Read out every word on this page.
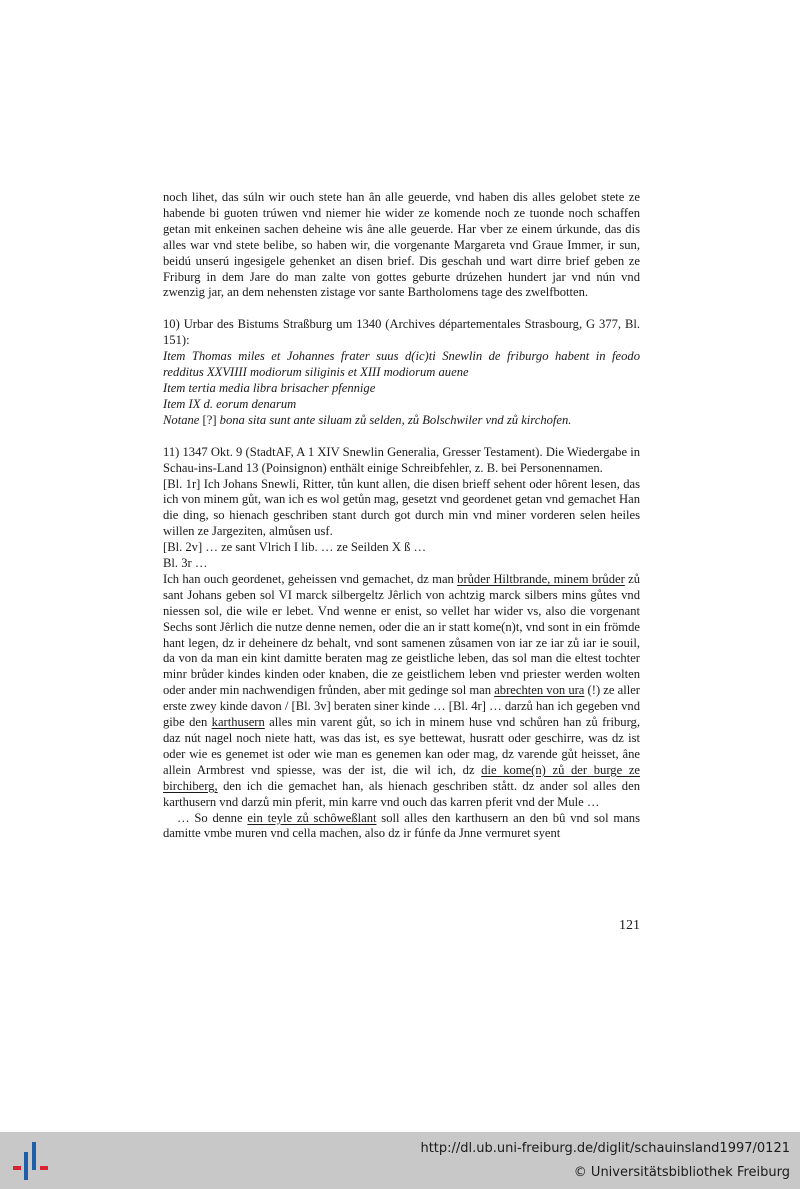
noch lihet, das súln wir ouch stete han ân alle geuerde, vnd haben dis alles gelobet stete ze habende bi guoten trúwen vnd niemer hie wider ze komende noch ze tuonde noch schaffen getan mit enkeinen sachen deheine wis âne alle geuerde. Har vber ze einem úrkunde, das dis alles war vnd stete belibe, so haben wir, die vorgenante Margareta vnd Graue Immer, ir sun, beidú unserú ingesigele gehenket an disen brief. Dis geschah und wart dirre brief geben ze Friburg in dem Jare do man zalte von gottes geburte drúzehen hundert jar vnd nún vnd zwenzig jar, an dem nehensten zistage vor sante Bartholomens tage des zwelfbotten.

10) Urbar des Bistums Straßburg um 1340 (Archives départementales Strasbourg, G 377, Bl. 151):

Item Thomas miles et Johannes frater suus d(ic)ti Snewlin de friburgo habent in feodo redditus XXVIIII modiorum siliginis et XIII modiorum auene

Item tertia media libra brisacher pfennige

Item IX d. eorum denarum

Notane [?] bona sita sunt ante siluam zů selden, zů Bolschwiler vnd zů kirchofen.

11) 1347 Okt. 9 (StadtAF, A 1 XIV Snewlin Generalia, Gresser Testament). Die Wiedergabe in Schau-ins-Land 13 (Poinsignon) enthält einige Schreibfehler, z. B. bei Personennamen.

[Bl. 1r] Ich Johans Snewli, Ritter, tůn kunt allen, die disen brieff sehent oder hôrent lesen, das ich von minem gůt, wan ich es wol getůn mag, gesetzt vnd geordenet getan vnd gemachet Han die ding, so hienach geschriben stant durch got durch min vnd miner vorderen selen heiles willen ze Jargeziten, almůsen usf.

[Bl. 2v] … ze sant Vlrich I lib. … ze Seilden X ß …

Bl. 3r …

Ich han ouch geordenet, geheissen vnd gemachet, dz man brůder Hiltbrande, minem brůder zů sant Johans geben sol VI marck silbergeltz Jêrlich von achtzig marck silbers mins gůtes vnd niessen sol, die wile er lebet. Vnd wenne er enist, so vellet har wider vs, also die vorgenant Sechs sont Jêrlich die nutze denne nemen, oder die an ir statt kome(n)t, vnd sont in ein frömde hant legen, dz ir deheinere dz behalt, vnd sont samenen zůsamen von iar ze iar zů iar ie souil, da von da man ein kint damitte beraten mag ze geistliche leben, das sol man die eltest tochter minr brůder kindes kinden oder knaben, die ze geistlichem leben vnd priester werden wolten oder ander min nachwendigen frůnden, aber mit gedinge sol man abrechten von ura (!) ze aller erste zwey kinde davon / [Bl. 3v] beraten siner kinde … [Bl. 4r] … darzů han ich gegeben vnd gibe den karthusern alles min varent gůt, so ich in minem huse vnd schůren han zů friburg, daz nút nagel noch niete hatt, was das ist, es sye bettewat, husratt oder geschirre, was dz ist oder wie es genemet ist oder wie man es genemen kan oder mag, dz varende gůt heisset, âne allein Armbrest vnd spiesse, was der ist, die wil ich, dz die kome(n) zů der burge ze birchiberg, den ich die gemachet han, als hienach geschriben stått. dz ander sol alles den karthusern vnd darzů min pferit, min karre vnd ouch das karren pferit vnd der Mule …

… So denne ein teyle zů schôweßlant soll alles den karthusern an den bû vnd sol mans damitte vmbe muren vnd cella machen, also dz ir fúnfe da Jnne vermuret syent

121
http://dl.ub.uni-freiburg.de/diglit/schauinsland1997/0121
© Universitätsbibliothek Freiburg
